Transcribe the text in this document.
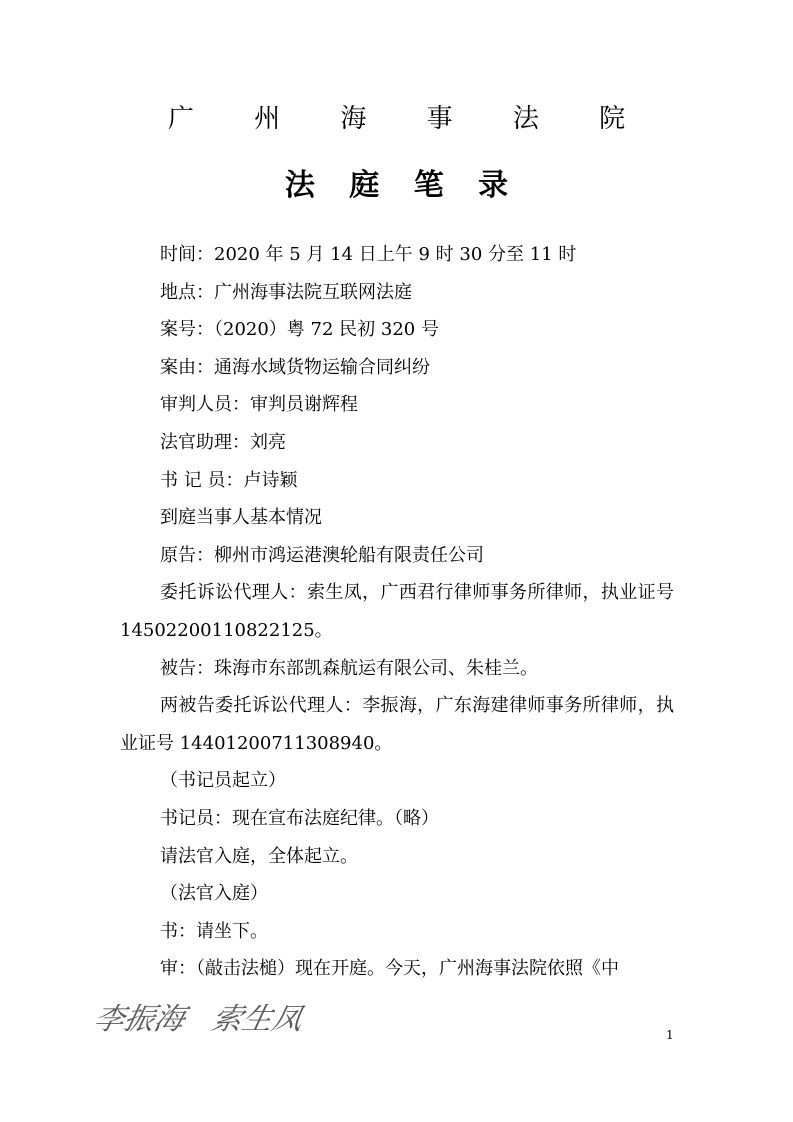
广 州 海 事 法 院
法 庭 笔 录

时间：2020 年 5 月 14 日上午 9 时 30 分至 11 时

地点：广州海事法院互联网法庭

案号：（2020）粤 72 民初 320 号

案由：通海水域货物运输合同纠纷

审判人员：审判员谢辉程

法官助理：刘亮

书 记 员：卢诗颖

到庭当事人基本情况

原告：柳州市鸿运港澳轮船有限责任公司

委托诉讼代理人：索生凤，广西君行律师事务所律师，执业证号 14502200110822125。

被告：珠海市东部凯森航运有限公司、朱桂兰。

两被告委托诉讼代理人：李振海，广东海建律师事务所律师，执业证号 14401200711308940。

（书记员起立）

书记员：现在宣布法庭纪律。（略）

请法官入庭，全体起立。

（法官入庭）

书：请坐下。

审：（敲击法槌）现在开庭。今天，广州海事法院依照《中

李振海 索生凤	1
